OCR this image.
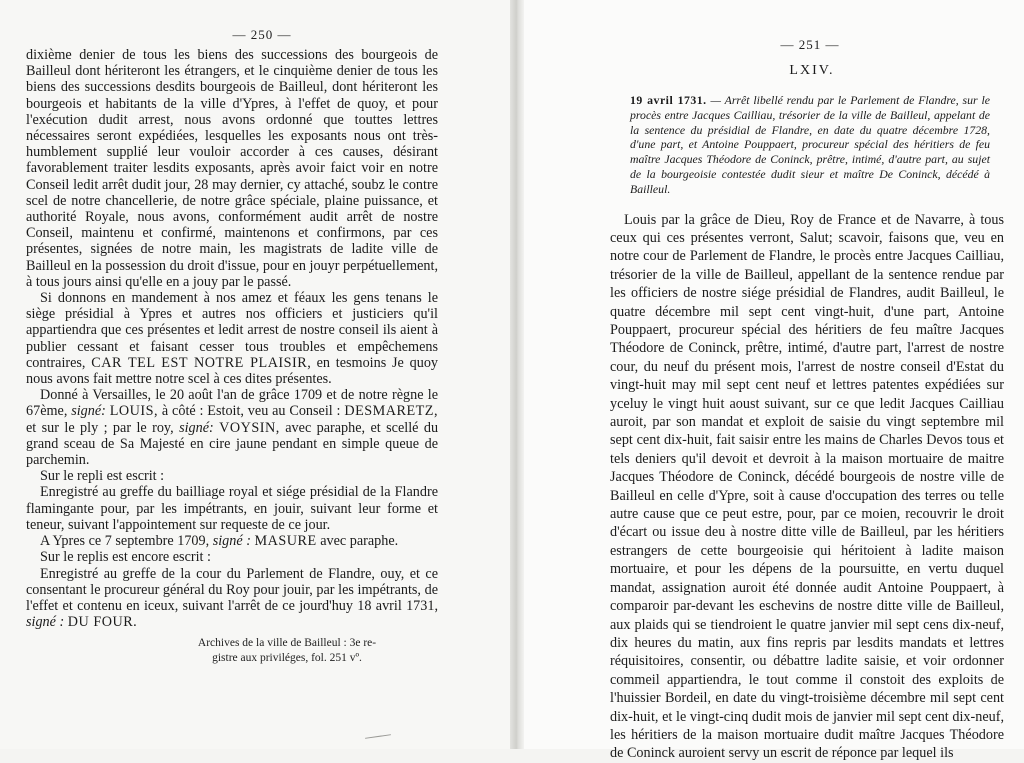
— 250 —

dixième denier de tous les biens des successions des bourgeois de Bailleul dont hériteront les étrangers, et le cinquième denier de tous les biens des successions desdits bourgeois de Bailleul, dont hériteront les bourgeois et habitants de la ville d'Ypres, à l'effet de quoy, et pour l'exécution dudit arrest, nous avons ordonné que touttes lettres nécessaires seront expédiées, lesquelles les exposants nous ont très-humblement supplié leur vouloir accorder à ces causes, désirant favorablement traiter lesdits exposants, après avoir faict voir en notre Conseil ledit arrêt dudit jour, 28 may dernier, cy attaché, soubz le contre scel de notre chancellerie, de notre grâce spéciale, plaine puissance, et authorité Royale, nous avons, conformément audit arrêt de nostre Conseil, maintenu et confirmé, maintenons et confirmons, par ces présentes, signées de notre main, les magistrats de ladite ville de Bailleul en la possession du droit d'issue, pour en jouyr perpétuellement, à tous jours ainsi qu'elle en a jouy par le passé.

Si donnons en mandement à nos amez et féaux les gens tenans le siège présidial à Ypres et autres nos officiers et justiciers qu'il appartiendra que ces présentes et ledit arrest de nostre conseil ils aient à publier cessant et faisant cesser tous troubles et empêchemens contraires, CAR TEL EST NOTRE PLAISIR, en tesmoins Je quoy nous avons fait mettre notre scel à ces dites présentes.

Donné à Versailles, le 20 août l'an de grâce 1709 et de notre règne le 67ème, signé: LOUIS, à côté : Estoit, veu au Conseil : DESMARETZ, et sur le ply ; par le roy, signé: VOYSIN, avec paraphe, et scellé du grand sceau de Sa Majesté en cire jaune pendant en simple queue de parchemin.

Sur le repli est escrit :

Enregistré au greffe du bailliage royal et siége présidial de la Flandre flamingante pour, par les impétrants, en jouir, suivant leur forme et teneur, suivant l'appointement sur requeste de ce jour.

A Ypres ce 7 septembre 1709, signé : MASURE avec paraphe.

Sur le replis est encore escrit :

Enregistré au greffe de la cour du Parlement de Flandre, ouy, et ce consentant le procureur général du Roy pour jouir, par les impétrants, de l'effet et contenu en iceux, suivant l'arrêt de ce jourd'huy 18 avril 1731, signé : DU FOUR.

Archives de la ville de Bailleul : 3e re-
gistre aux priviléges, fol. 251 vº.
— 251 —
LXIV.

19 avril 1731. — Arrêt libellé rendu par le Parlement de Flandre, sur le procès entre Jacques Cailliau, trésorier de la ville de Bailleul, appelant de la sentence du présidial de Flandre, en date du quatre décembre 1728, d'une part, et Antoine Pouppaert, procureur spécial des héritiers de feu maître Jacques Théodore de Coninck, prêtre, intimé, d'autre part, au sujet de la bourgeoisie contestée dudit sieur et maître De Coninck, décédé à Bailleul.

Louis par la grâce de Dieu, Roy de France et de Navarre, à tous ceux qui ces présentes verront, Salut; scavoir, faisons que, veu en notre cour de Parlement de Flandre, le procès entre Jacques Cailliau, trésorier de la ville de Bailleul, appellant de la sentence rendue par les officiers de nostre siége présidial de Flandres, audit Bailleul, le quatre décembre mil sept cent vingt-huit, d'une part, Antoine Pouppaert, procureur spécial des héritiers de feu maître Jacques Théodore de Coninck, prêtre, intimé, d'autre part, l'arrest de nostre cour, du neuf du présent mois, l'arrest de nostre conseil d'Estat du vingt-huit may mil sept cent neuf et lettres patentes expédiées sur yceluy le vingt huit aoust suivant, sur ce que ledit Jacques Cailliau auroit, par son mandat et exploit de saisie du vingt septembre mil sept cent dix-huit, fait saisir entre les mains de Charles Devos tous et tels deniers qu'il devoit et devroit à la maison mortuaire de maitre Jacques Théodore de Coninck, décédé bourgeois de nostre ville de Bailleul en celle d'Ypre, soit à cause d'occupation des terres ou telle autre cause que ce peut estre, pour, par ce moien, recouvrir le droit d'écart ou issue deu à nostre ditte ville de Bailleul, par les héritiers estrangers de cette bourgeoisie qui héritoient à ladite maison mortuaire, et pour les dépens de la poursuitte, en vertu duquel mandat, assignation auroit été donnée audit Antoine Pouppaert, à comparoir par-devant les eschevins de nostre ditte ville de Bailleul, aux plaids qui se tiendroient le quatre janvier mil sept cens dix-neuf, dix heures du matin, aux fins repris par lesdits mandats et lettres réquisitoires, consentir, ou débattre ladite saisie, et voir ordonner commeil appartiendra, le tout comme il constoit des exploits de l'huissier Bordeil, en date du vingt-troisième décembre mil sept cent dix-huit, et le vingt-cinq dudit mois de janvier mil sept cent dix-neuf, les héritiers de la maison mortuaire dudit maître Jacques Théodore de Coninck auroient servy un escrit de réponce par lequel ils
